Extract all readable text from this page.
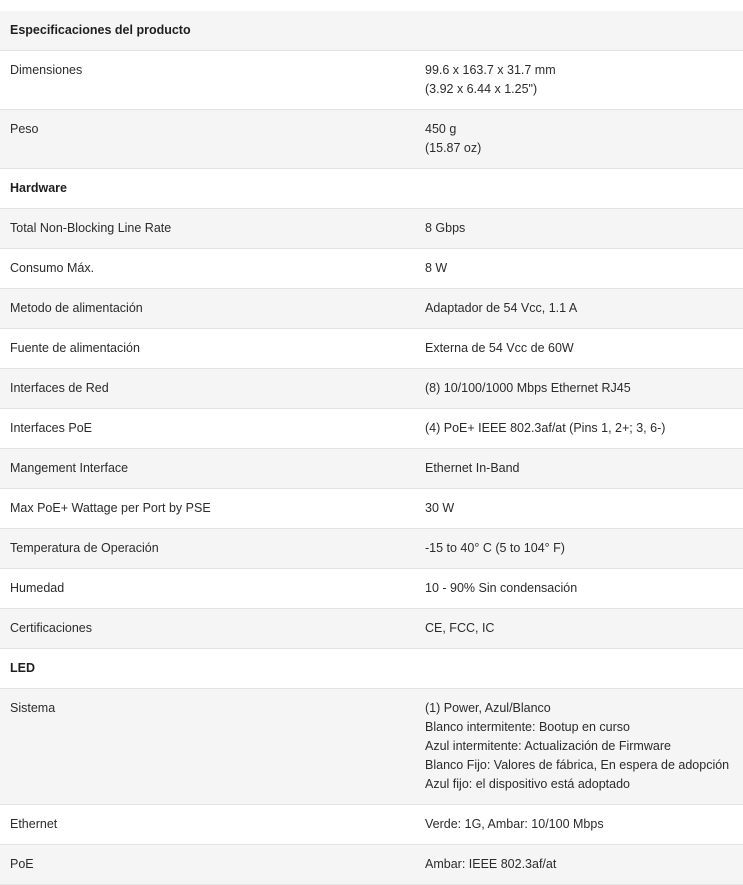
Especificaciones del producto
Dimensiones	99.6 x 163.7 x 31.7 mm
(3.92 x 6.44 x 1.25")
Peso	450 g
(15.87 oz)
Hardware
Total Non-Blocking Line Rate	8 Gbps
Consumo Máx.	8 W
Metodo de alimentación	Adaptador de 54 Vcc, 1.1 A
Fuente de alimentación	Externa de 54 Vcc de 60W
Interfaces de Red	(8) 10/100/1000 Mbps Ethernet RJ45
Interfaces PoE	(4) PoE+ IEEE 802.3af/at (Pins 1, 2+; 3, 6-)
Mangement Interface	Ethernet In-Band
Max PoE+ Wattage per Port by PSE	30 W
Temperatura de Operación	-15 to 40° C (5 to 104° F)
Humedad	10 - 90% Sin condensación
Certificaciones	CE, FCC, IC
LED
Sistema	(1) Power, Azul/Blanco
Blanco intermitente: Bootup en curso
Azul intermitente: Actualización de Firmware
Blanco Fijo: Valores de fábrica, En espera de adopción
Azul fijo: el dispositivo está adoptado
Ethernet	Verde: 1G, Ambar: 10/100 Mbps
PoE	Ambar: IEEE 802.3af/at
